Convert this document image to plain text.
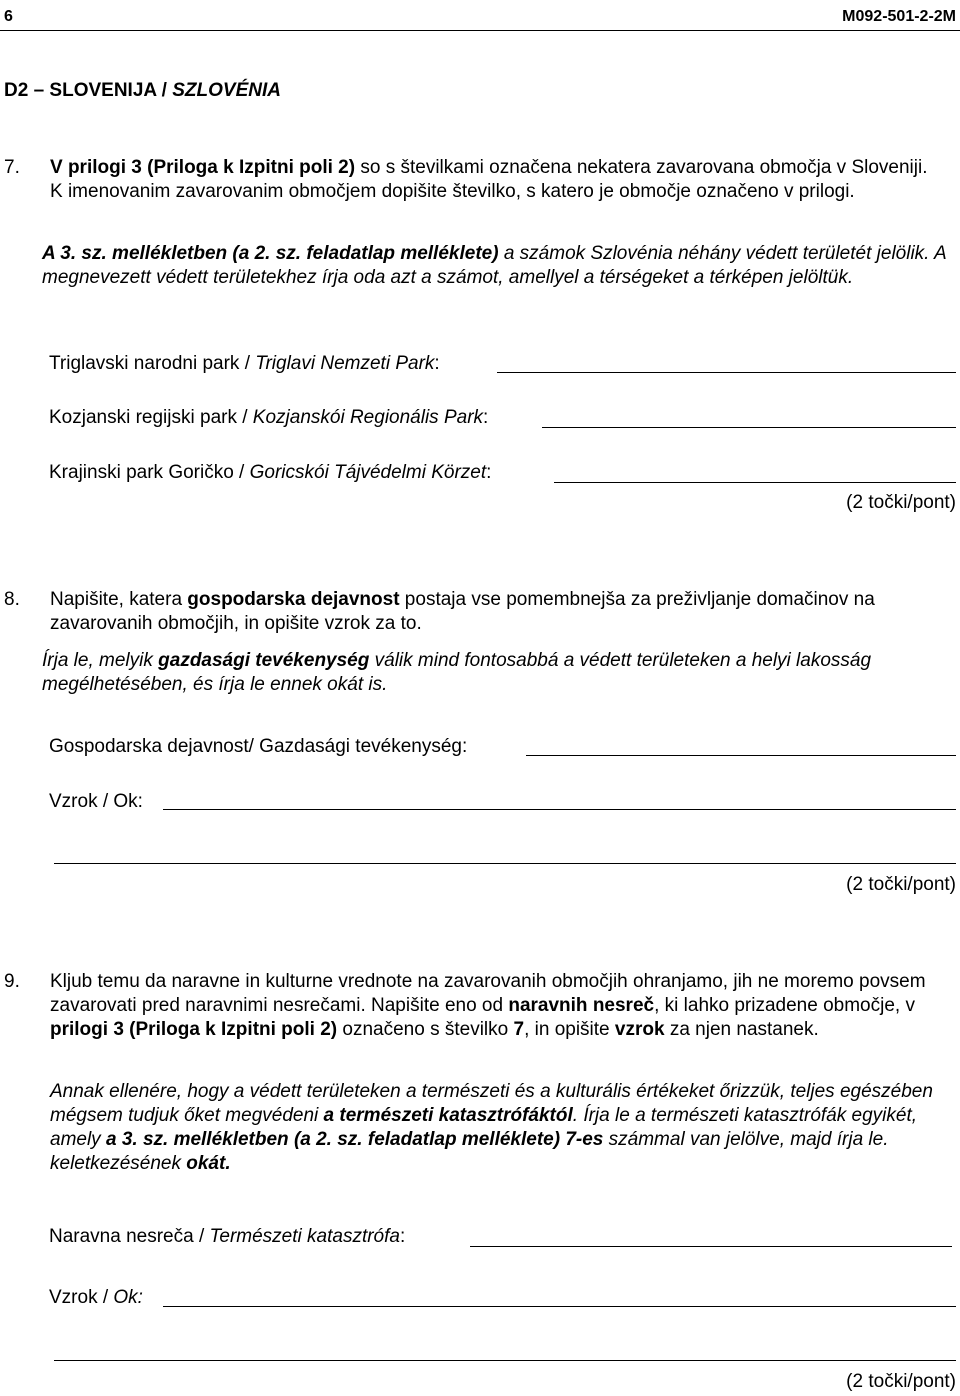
6	M092-501-2-2M
D2 – SLOVENIJA / SZLOVÉNIA
7. V prilogi 3 (Priloga k Izpitni poli 2) so s številkami označena nekatera zavarovana območja v Sloveniji. K imenovanim zavarovanim območjem dopišite številko, s katero je območje označeno v prilogi.

A 3. sz. mellékletben (a 2. sz. feladatlap melléklete) a számok Szlovénia néhány védett területét jelölik. A megnevezett védett területekhez írja oda azt a számot, amellyel a térségeket a térképen jelöltük.

Triglavski narodni park / Triglavi Nemzeti Park:
Kozjanski regijski park / Kozjanskói Regionális Park:
Krajinski park Goričko / Goricskói Tájvédelmi Körzet:
(2 točki/pont)
8. Napišite, katera gospodarska dejavnost postaja vse pomembnejša za preživljanje domačinov na zavarovanih območjih, in opišite vzrok za to.

Írja le, melyik gazdasági tevékenység válik mind fontosabbá a védett területeken a helyi lakosság megélhetésében, és írja le ennek okát is.

Gospodarska dejavnost/ Gazdasági tevékenység:
Vzrok / Ok:
(2 točki/pont)
9. Kljub temu da naravne in kulturne vrednote na zavarovanih območjih ohranjamo, jih ne moremo povsem zavarovati pred naravnimi nesrečami. Napišite eno od naravnih nesreč, ki lahko prizadene območje, v prilogi 3 (Priloga k Izpitni poli 2) označeno s številko 7, in opišite vzrok za njen nastanek.

Annak ellenére, hogy a védett területeken a természeti és a kulturális értékeket őrizzük, teljes egészében mégsem tudjuk őket megvédeni a természeti katasztrófáktól. Írja le a természeti katasztrófák egyikét, amely a 3. sz. mellékletben (a 2. sz. feladatlap melléklete) 7-es számmal van jelölve, majd írja le. keletkezésének okát.

Naravna nesreča / Természeti katasztrófa:
Vzrok / Ok:
(2 točki/pont)
